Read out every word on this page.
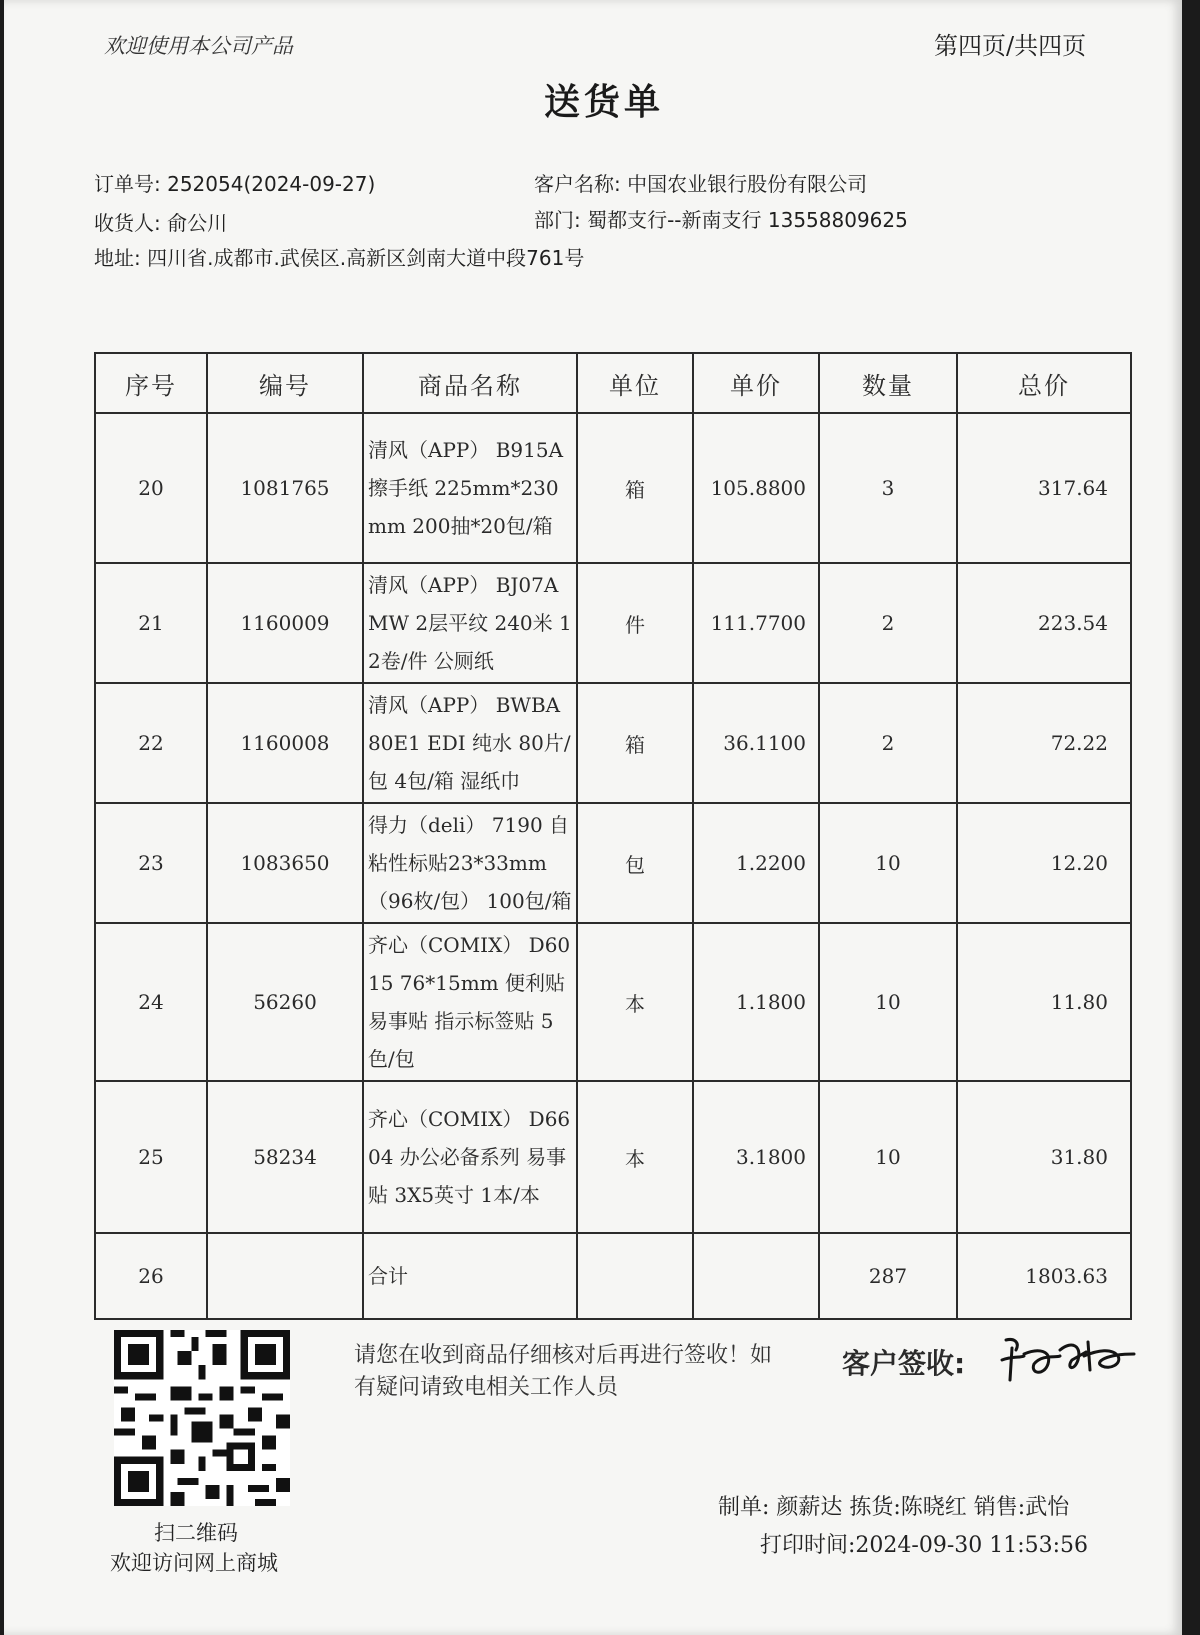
欢迎使用本公司产品	第四页/共四页
送货单
订单号: 252054(2024-09-27)	客户名称: 中国农业银行股份有限公司
收货人: 俞公川	部门: 蜀都支行--新南支行 13558809625
地址: 四川省.成都市.武侯区.高新区剑南大道中段761号
序号	编号	商品名称	单位	单价	数量	总价
20	1081765	清风（APP） B915A 擦手纸 225mm*230mm 200抽*20包/箱	箱	105.8800	3	317.64
21	1160009	清风（APP） BJ07AMW 2层平纹 240米 12卷/件 公厕纸	件	111.7700	2	223.54
22	1160008	清风（APP） BWBA80E1 EDI 纯水 80片/包 4包/箱 湿纸巾	箱	36.1100	2	72.22
23	1083650	得力（deli） 7190 自粘性标贴23*33mm （96枚/包） 100包/箱	包	1.2200	10	12.20
24	56260	齐心（COMIX） D6015 76*15mm 便利贴 易事贴 指示标签贴 5色/包	本	1.1800	10	11.80
25	58234	齐心（COMIX） D6604 办公必备系列 易事贴 3X5英寸 1本/本	本	3.1800	10	31.80
26		合计			287	1803.63
扫二维码
欢迎访问网上商城
请您在收到商品仔细核对后再进行签收！如有疑问请致电相关工作人员
客户签收:
制单: 颜薪达 拣货:陈晓红 销售:武怡
打印时间:2024-09-30 11:53:56
